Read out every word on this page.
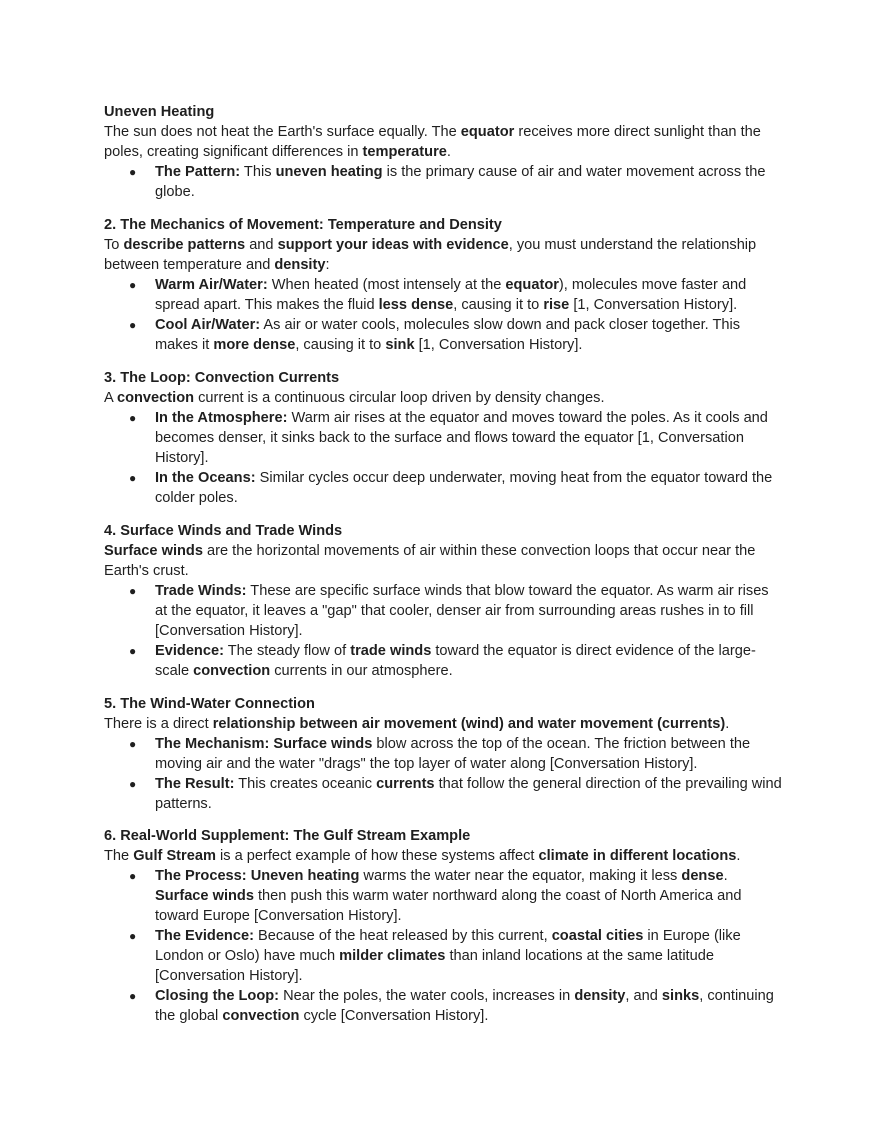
Uneven Heating

The sun does not heat the Earth's surface equally. The equator receives more direct sunlight than the poles, creating significant differences in temperature.

● The Pattern: This uneven heating is the primary cause of air and water movement across the globe.

2. The Mechanics of Movement: Temperature and Density

To describe patterns and support your ideas with evidence, you must understand the relationship between temperature and density:

● Warm Air/Water: When heated (most intensely at the equator), molecules move faster and spread apart. This makes the fluid less dense, causing it to rise [1, Conversation History].
● Cool Air/Water: As air or water cools, molecules slow down and pack closer together. This makes it more dense, causing it to sink [1, Conversation History].

3. The Loop: Convection Currents

A convection current is a continuous circular loop driven by density changes.

● In the Atmosphere: Warm air rises at the equator and moves toward the poles. As it cools and becomes denser, it sinks back to the surface and flows toward the equator [1, Conversation History].
● In the Oceans: Similar cycles occur deep underwater, moving heat from the equator toward the colder poles.

4. Surface Winds and Trade Winds

Surface winds are the horizontal movements of air within these convection loops that occur near the Earth's crust.

● Trade Winds: These are specific surface winds that blow toward the equator. As warm air rises at the equator, it leaves a "gap" that cooler, denser air from surrounding areas rushes in to fill [Conversation History].
● Evidence: The steady flow of trade winds toward the equator is direct evidence of the large-scale convection currents in our atmosphere.

5. The Wind-Water Connection

There is a direct relationship between air movement (wind) and water movement (currents).

● The Mechanism: Surface winds blow across the top of the ocean. The friction between the moving air and the water "drags" the top layer of water along [Conversation History].
● The Result: This creates oceanic currents that follow the general direction of the prevailing wind patterns.

6. Real-World Supplement: The Gulf Stream Example

The Gulf Stream is a perfect example of how these systems affect climate in different locations.

● The Process: Uneven heating warms the water near the equator, making it less dense. Surface winds then push this warm water northward along the coast of North America and toward Europe [Conversation History].
● The Evidence: Because of the heat released by this current, coastal cities in Europe (like London or Oslo) have much milder climates than inland locations at the same latitude [Conversation History].
● Closing the Loop: Near the poles, the water cools, increases in density, and sinks, continuing the global convection cycle [Conversation History].
